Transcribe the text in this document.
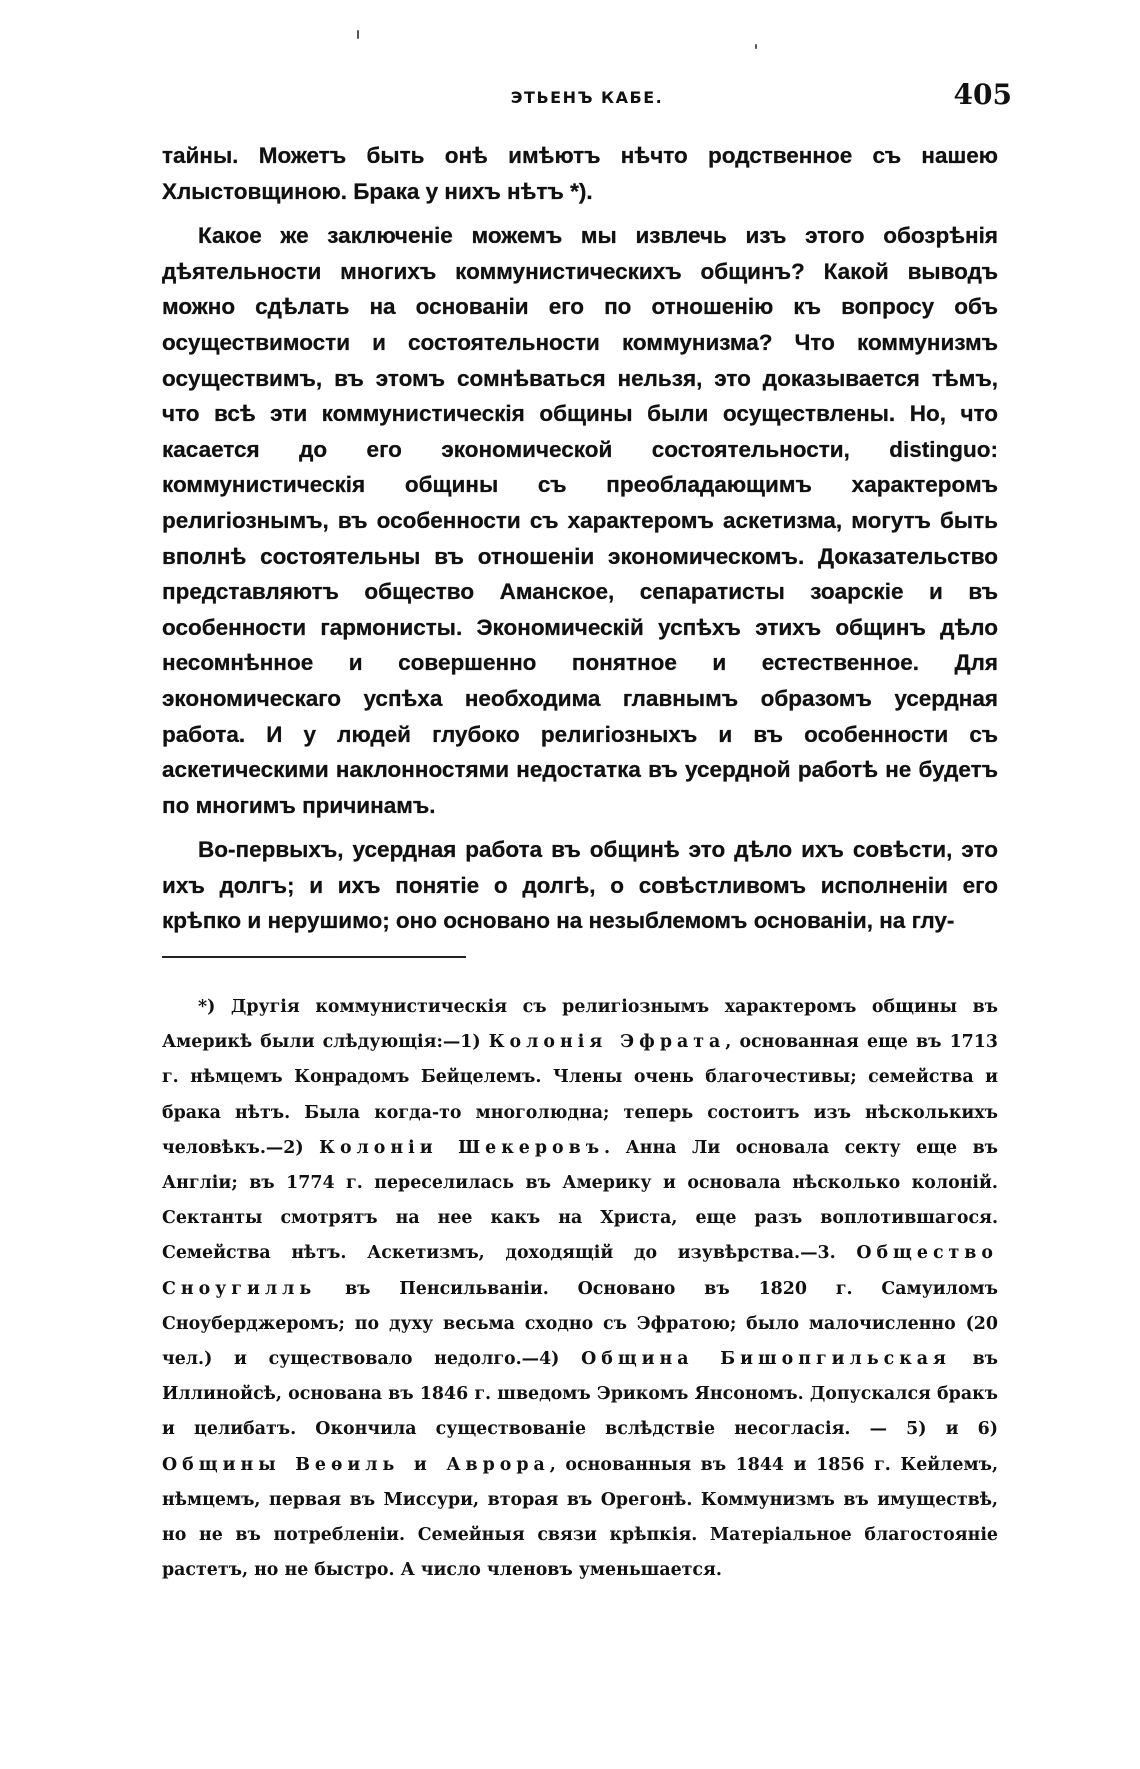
ЭТЬЕНЪ КАБЕ.	405

тайны. Можетъ быть онѣ имѣютъ нѣчто родственное съ нашею Хлыстовщиною. Брака у нихъ нѣтъ *).

Какое же заключеніе можемъ мы извлечь изъ этого обозрѣнія дѣятельности многихъ коммунистическихъ общинъ? Какой выводъ можно сдѣлать на основаніи его по отношенію къ вопросу объ осуществимости и состоятельности коммунизма? Что коммунизмъ осуществимъ, въ этомъ сомнѣваться нельзя, это доказывается тѣмъ, что всѣ эти коммунистическія общины были осуществлены. Но, что касается до его экономической состоятельности, distinguo: коммунистическія общины съ преобладающимъ характеромъ религіознымъ, въ особенности съ характеромъ аскетизма, могутъ быть вполнѣ состоятельны въ отношеніи экономическомъ. Доказательство представляютъ общество Аманское, сепаратисты зоарскіе и въ особенности гармонисты. Экономическій успѣхъ этихъ общинъ дѣло несомнѣнное и совершенно понятное и естественное. Для экономическаго успѣха необходима главнымъ образомъ усердная работа. И у людей глубоко религіозныхъ и въ особенности съ аскетическими наклонностями недостатка въ усердной работѣ не будетъ по многимъ причинамъ.

Во-первыхъ, усердная работа въ общинѣ это дѣло ихъ совѣсти, это ихъ долгъ; и ихъ понятіе о долгѣ, о совѣстливомъ исполненіи его крѣпко и нерушимо; оно основано на незыблемомъ основаніи, на глу-

*) Другія коммунистическія съ религіознымъ характеромъ общины въ Америкѣ были слѣдующія:—1) Колонія Эфрата, основанная еще въ 1713 г. нѣмцемъ Конрадомъ Бейцелемъ. Члены очень благочестивы; семейства и брака нѣтъ. Была когда-то многолюдна; теперь состоитъ изъ нѣсколькихъ человѣкъ.—2) Колоніи Шекеровъ. Анна Ли основала секту еще въ Англіи; въ 1774 г. переселилась въ Америку и основала нѣсколько колоній. Сектанты смотрятъ на нее какъ на Христа, еще разъ воплотившагося. Семейства нѣтъ. Аскетизмъ, доходящій до изувѣрства.—3. Общество Сноугилль въ Пенсильваніи. Основано въ 1820 г. Самуиломъ Сноуберджеромъ; по духу весьма сходно съ Эфратою; было малочисленно (20 чел.) и существовало недолго.—4) Община Бишопгильская въ Иллинойсѣ, основана въ 1846 г. шведомъ Эрикомъ Янсономъ. Допускался бракъ и целибатъ. Окончила существованіе вслѣдствіе несогласія. — 5) и 6) Общины Веѳиль и Аврора, основанныя въ 1844 и 1856 г. Кейлемъ, нѣмцемъ, первая въ Миссури, вторая въ Орегонѣ. Коммунизмъ въ имуществѣ, но не въ потребленіи. Семейныя связи крѣпкія. Матеріальное благостояніе растетъ, но не быстро. А число членовъ уменьшается.
